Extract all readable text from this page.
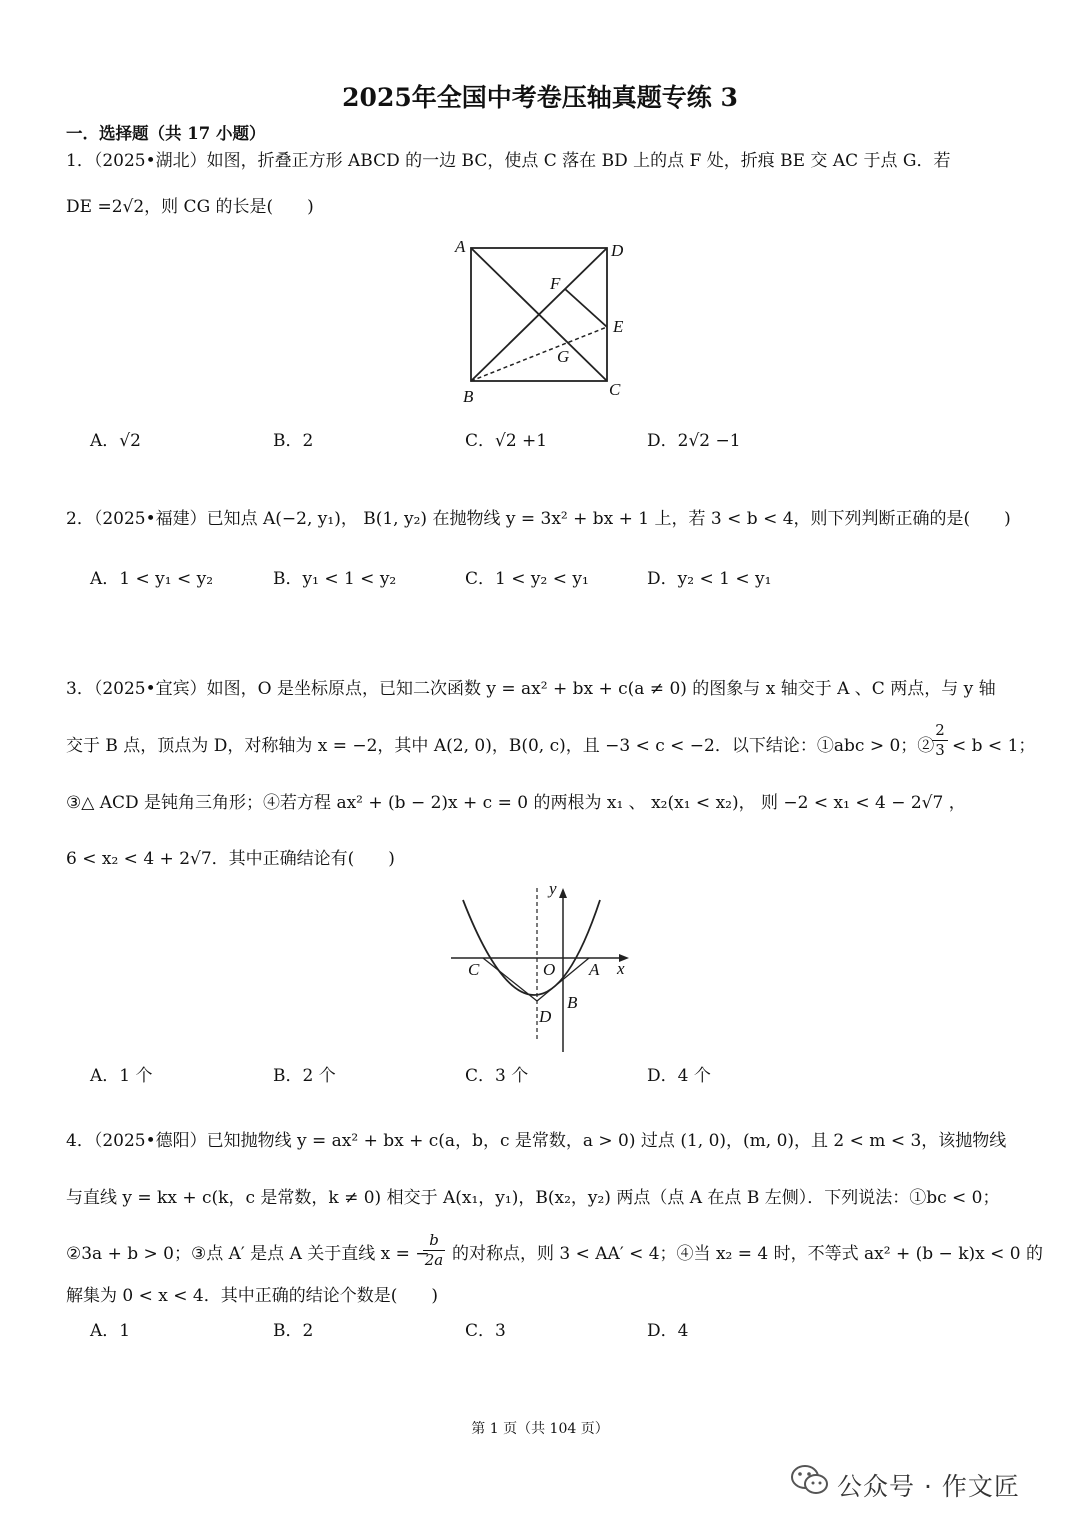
2025年全国中考卷压轴真题专练 3
一．选择题（共 17 小题）
1．（2025•湖北）如图，折叠正方形 ABCD 的一边 BC，使点 C 落在 BD 上的点 F 处，折痕 BE 交 AC 于点 G．若
DE =2√2，则 CG 的长是(　　)
A	D
F
E
G
B	C
A．√2	B．2	C．√2 +1	D．2√2 −1
2．（2025•福建）已知点 A(−2, y₁)， B(1, y₂) 在抛物线 y = 3x² + bx + 1 上，若 3 < b < 4，则下列判断正确的是(　　)
A．1 < y₁ < y₂	B．y₁ < 1 < y₂	C．1 < y₂ < y₁	D．y₂ < 1 < y₁
3．（2025•宜宾）如图，O 是坐标原点，已知二次函数 y = ax² + bx + c(a ≠ 0) 的图象与 x 轴交于 A 、C 两点，与 y 轴
交于 B 点，顶点为 D，对称轴为 x = −2，其中 A(2, 0)，B(0, c)，且 −3 < c < −2．以下结论：①abc > 0；②
2
3 < b < 1；
③△ ACD 是钝角三角形；④若方程 ax² + (b − 2)x + c = 0 的两根为 x₁ 、 x₂(x₁ < x₂)， 则 −2 < x₁ < 4 − 2√7 ，
6 < x₂ < 4 + 2√7．其中正确结论有(　　)
y
x
C	O A
B
D
A．1 个	B．2 个	C．3 个	D．4 个
4．（2025•德阳）已知抛物线 y = ax² + bx + c(a，b，c 是常数，a > 0) 过点 (1, 0)，(m, 0)，且 2 < m < 3，该抛物线
与直线 y = kx + c(k，c 是常数，k ≠ 0) 相交于 A(x₁，y₁)，B(x₂，y₂) 两点（点 A 在点 B 左侧）．下列说法：①bc < 0；
②3a + b > 0；③点 A′ 是点 A 关于直线 x = −
b
2a 的对称点，则 3 < AA′ < 4；④当 x₂ = 4 时，不等式 ax² + (b − k)x < 0 的
解集为 0 < x < 4．其中正确的结论个数是(　　)
A．1	B．2	C．3	D．4
第 1 页（共 104 页）
公众号 · 作文匠
